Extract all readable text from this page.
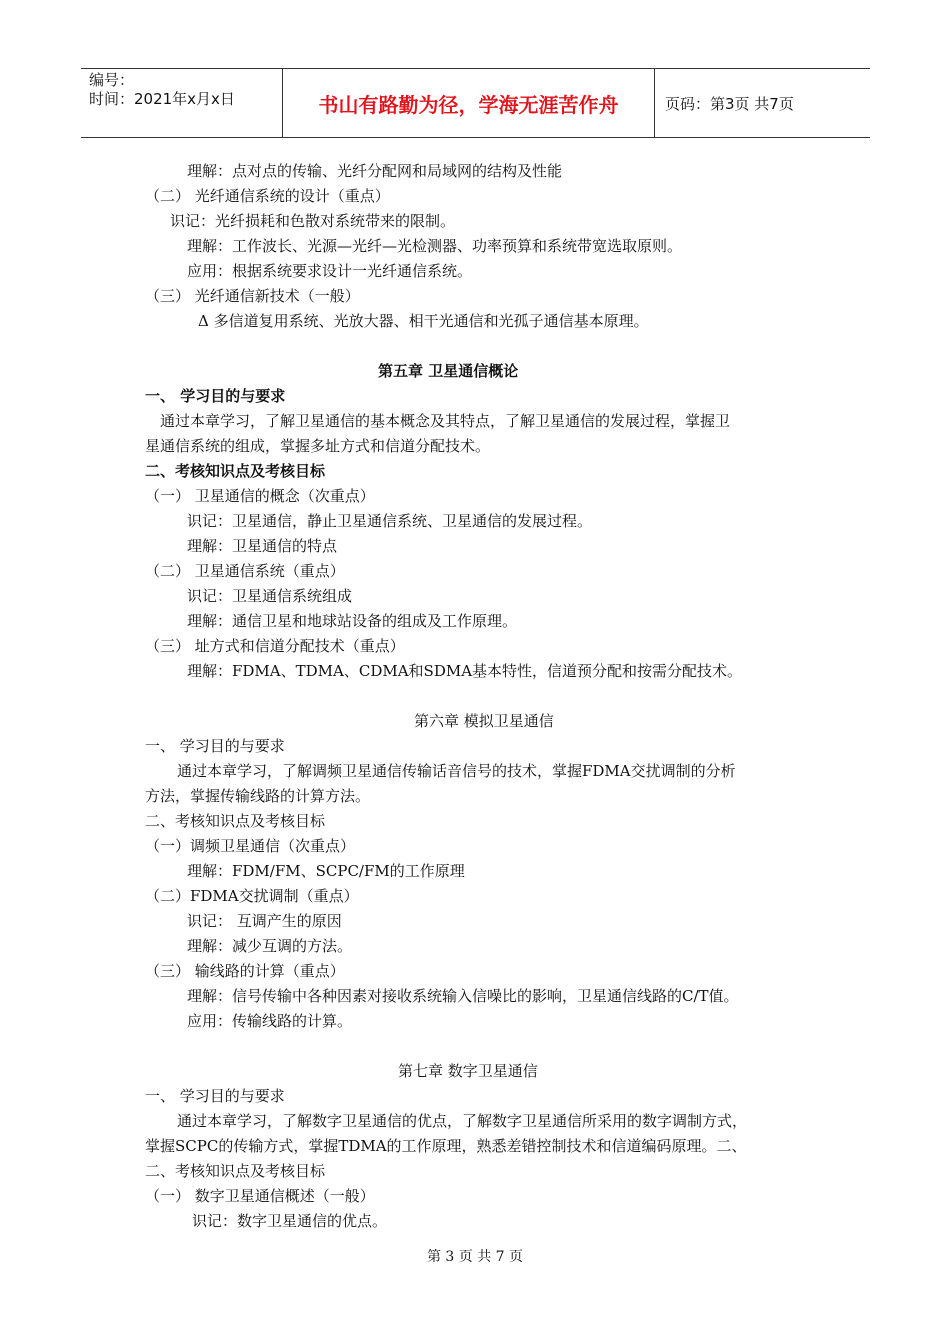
编号：
时间：2021年x月x日	书山有路勤为径，学海无涯苦作舟	页码：第3页 共7页
理解：点对点的传输、光纤分配网和局域网的结构及性能
（二） 光纤通信系统的设计（重点）
识记：光纤损耗和色散对系统带来的限制。
理解：工作波长、光源—光纤—光检测器、功率预算和系统带宽选取原则。
应用：根据系统要求设计一光纤通信系统。
（三） 光纤通信新技术（一般）
Δ 多信道复用系统、光放大器、相干光通信和光孤子通信基本原理。
第五章 卫星通信概论
一、 学习目的与要求
通过本章学习，了解卫星通信的基本概念及其特点，了解卫星通信的发展过程，掌握卫
星通信系统的组成，掌握多址方式和信道分配技术。
二、考核知识点及考核目标
（一） 卫星通信的概念（次重点）
识记：卫星通信，静止卫星通信系统、卫星通信的发展过程。
理解：卫星通信的特点
（二） 卫星通信系统（重点）
识记：卫星通信系统组成
理解：通信卫星和地球站设备的组成及工作原理。
（三） 址方式和信道分配技术（重点）
理解：FDMA、TDMA、CDMA和SDMA基本特性，信道预分配和按需分配技术。
第六章 模拟卫星通信
一、 学习目的与要求
通过本章学习，了解调频卫星通信传输话音信号的技术，掌握FDMA交扰调制的分析
方法，掌握传输线路的计算方法。
二、考核知识点及考核目标
（一）调频卫星通信（次重点）
理解：FDM/FM、SCPC/FM的工作原理
（二）FDMA交扰调制（重点）
识记： 互调产生的原因
理解：减少互调的方法。
（三） 输线路的计算（重点）
理解：信号传输中各种因素对接收系统输入信噪比的影响，卫星通信线路的C/T值。
应用：传输线路的计算。
第七章 数字卫星通信
一、 学习目的与要求
通过本章学习，了解数字卫星通信的优点，了解数字卫星通信所采用的数字调制方式，
掌握SCPC的传输方式，掌握TDMA的工作原理，熟悉差错控制技术和信道编码原理。二、
二、考核知识点及考核目标
（一） 数字卫星通信概述（一般）
识记：数字卫星通信的优点。
第 3 页 共 7 页
